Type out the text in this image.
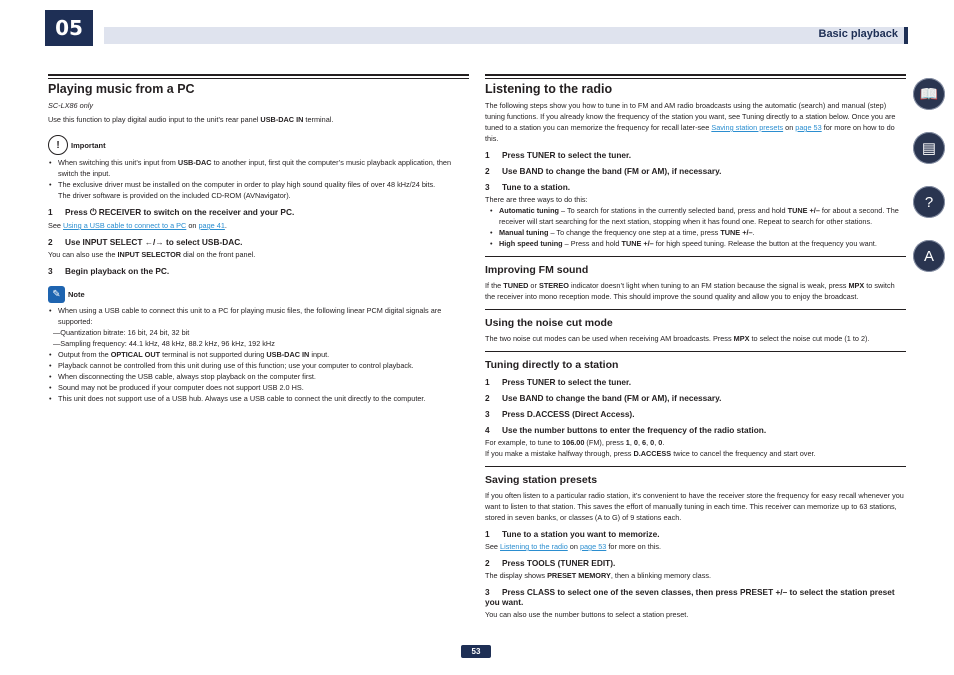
05	Basic playback
Playing music from a PC

SC-LX86 only

Use this function to play digital audio input to the unit’s rear panel USB-DAC IN terminal.

!	Important
• When switching this unit’s input from USB-DAC to another input, first quit the computer’s music playback application, then switch the input.
• The exclusive driver must be installed on the computer in order to play high sound quality files of over 48 kHz/24 bits.
The driver software is provided on the included CD-ROM (AVNavigator).
1 Press ⏻ RECEIVER to switch on the receiver and your PC.

See Using a USB cable to connect to a PC on page 41.

2 Use INPUT SELECT ←/→ to select USB-DAC.

You can also use the INPUT SELECTOR dial on the front panel.

3 Begin playback on the PC.
✎ Note
• When using a USB cable to connect this unit to a PC for playing music files, the following linear PCM digital signals are supported:
—Quantization bitrate: 16 bit, 24 bit, 32 bit
—Sampling frequency: 44.1 kHz, 48 kHz, 88.2 kHz, 96 kHz, 192 kHz
• Output from the OPTICAL OUT terminal is not supported during USB-DAC IN input.
• Playback cannot be controlled from this unit during use of this function; use your computer to control playback.
• When disconnecting the USB cable, always stop playback on the computer first.
• Sound may not be produced if your computer does not support USB 2.0 HS.
• This unit does not support use of a USB hub. Always use a USB cable to connect the unit directly to the computer.
Listening to the radio

The following steps show you how to tune in to FM and AM radio broadcasts using the automatic (search) and manual (step) tuning functions. If you already know the frequency of the station you want, see Tuning directly to a station below. Once you are tuned to a station you can memorize the frequency for recall later-see Saving station presets on page 53 for more on how to do this.

1 Press TUNER to select the tuner.
2 Use BAND to change the band (FM or AM), if necessary.
3 Tune to a station.

There are three ways to do this:

• Automatic tuning – To search for stations in the currently selected band, press and hold TUNE +/– for about a second. The receiver will start searching for the next station, stopping when it has found one. Repeat to search for other stations.
• Manual tuning – To change the frequency one step at a time, press TUNE +/–.
• High speed tuning – Press and hold TUNE +/– for high speed tuning. Release the button at the frequency you want.
Improving FM sound

If the TUNED or STEREO indicator doesn’t light when tuning to an FM station because the signal is weak, press MPX to switch the receiver into mono reception mode. This should improve the sound quality and allow you to enjoy the broadcast.

Using the noise cut mode

The two noise cut modes can be used when receiving AM broadcasts. Press MPX to select the noise cut mode (1 to 2).

Tuning directly to a station
1 Press TUNER to select the tuner.
2 Use BAND to change the band (FM or AM), if necessary.
3 Press D.ACCESS (Direct Access).
4 Use the number buttons to enter the frequency of the radio station.

For example, to tune to 106.00 (FM), press 1, 0, 6, 0, 0.

If you make a mistake halfway through, press D.ACCESS twice to cancel the frequency and start over.

Saving station presets

If you often listen to a particular radio station, it’s convenient to have the receiver store the frequency for easy recall whenever you want to listen to that station. This saves the effort of manually tuning in each time. This receiver can memorize up to 63 stations, stored in seven banks, or classes (A to G) of 9 stations each.

1 Tune to a station you want to memorize.

See Listening to the radio on page 53 for more on this.

2 Press TOOLS (TUNER EDIT).

The display shows PRESET MEMORY, then a blinking memory class.

3 Press CLASS to select one of the seven classes, then press PRESET +/– to select the station preset you want.

You can also use the number buttons to select a station preset.

📖
▤
?
A
53
